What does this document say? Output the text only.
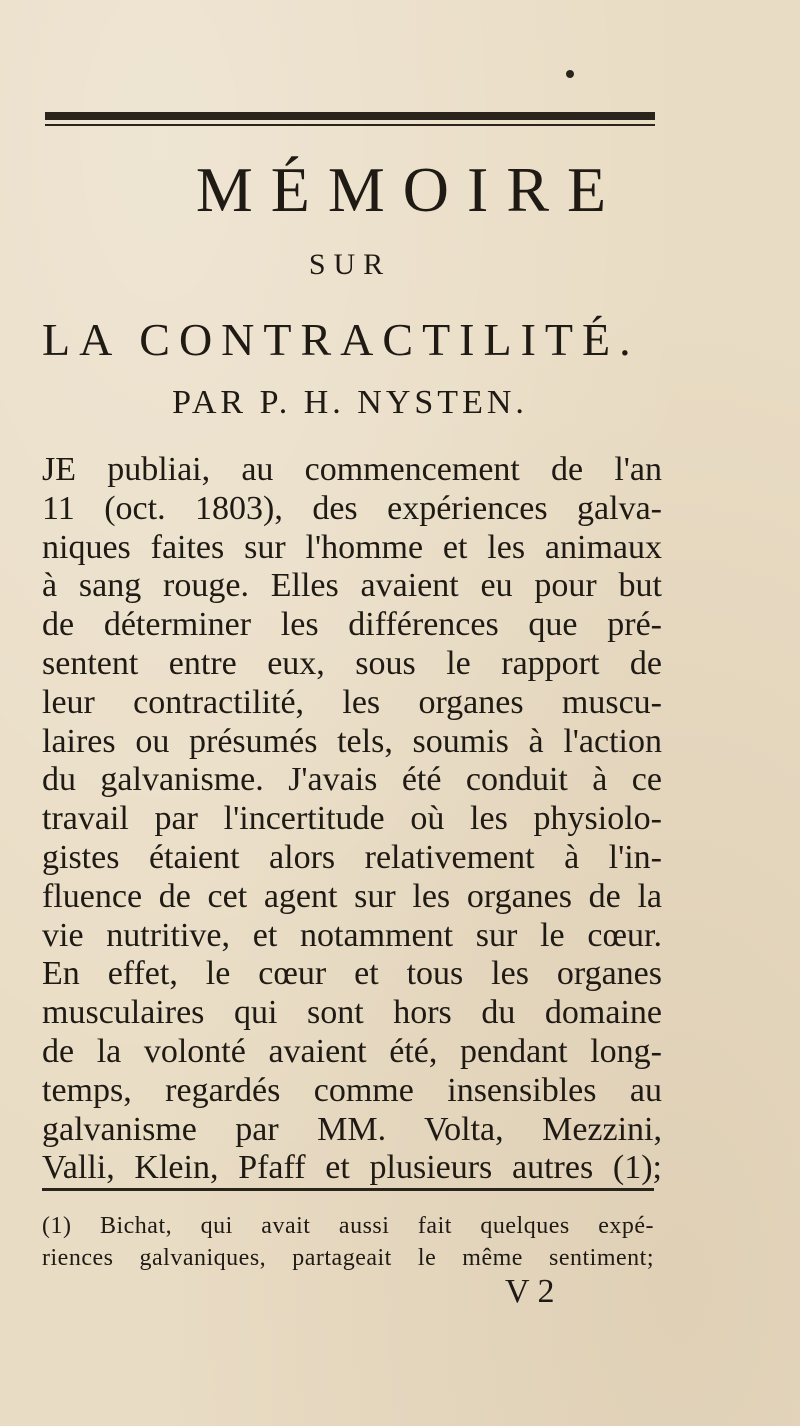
MÉMOIRE
SUR
LA CONTRACTILITÉ.
PAR P. H. NYSTEN.
JE publiai, au commencement de l'an
11 (oct. 1803), des expériences galva-
niques faites sur l'homme et les animaux
à sang rouge. Elles avaient eu pour but
de déterminer les différences que pré-
sentent entre eux, sous le rapport de
leur contractilité, les organes muscu-
laires ou présumés tels, soumis à l'action
du galvanisme. J'avais été conduit à ce
travail par l'incertitude où les physiolo-
gistes étaient alors relativement à l'in-
fluence de cet agent sur les organes de la
vie nutritive, et notamment sur le cœur.
En effet, le cœur et tous les organes
musculaires qui sont hors du domaine
de la volonté avaient été, pendant long-
temps, regardés comme insensibles au
galvanisme par MM. Volta, Mezzini,
Valli, Klein, Pfaff et plusieurs autres (1);
(1) Bichat, qui avait aussi fait quelques expé-
riences galvaniques, partageait le même sentiment;
V 2
